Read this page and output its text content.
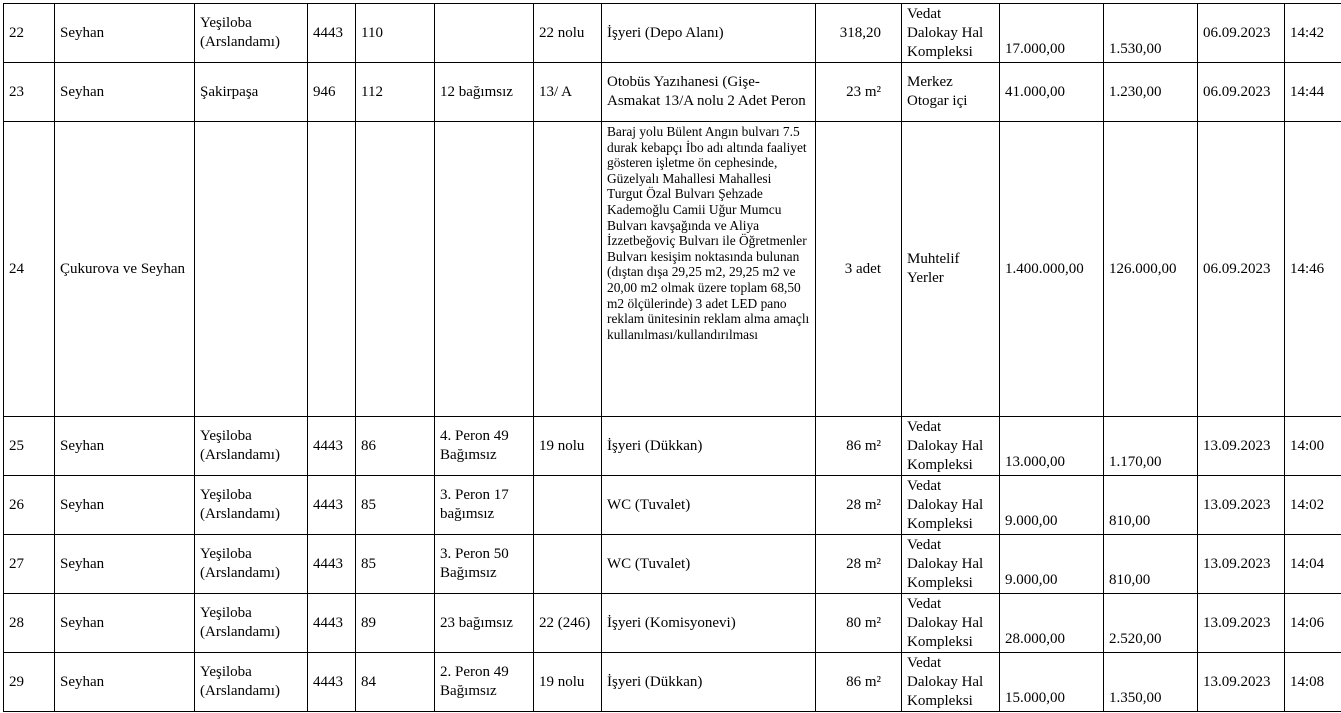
22	Seyhan	Yeşiloba (Arslandamı)	4443	110		22 nolu	İşyeri (Depo Alanı)	318,20	Vedat Dalokay Hal Kompleksi	17.000,00	1.530,00	06.09.2023	14:42
23	Seyhan	Şakirpaşa	946	112	12 bağımsız	13/ A	Otobüs Yazıhanesi (Gişe-Asmakat 13/A nolu 2 Adet Peron	23 m²	Merkez Otogar içi	41.000,00	1.230,00	06.09.2023	14:44
24	Çukurova ve Seyhan						Baraj yolu Bülent Angın bulvarı 7.5 durak kebapçı İbo adı altında faaliyet gösteren işletme ön cephesinde, Güzelyalı Mahallesi Mahallesi Turgut Özal Bulvarı Şehzade Kademoğlu Camii Uğur Mumcu Bulvarı kavşağında ve Aliya İzzetbeğoviç Bulvarı ile Öğretmenler Bulvarı kesişim noktasında bulunan (dıştan dışa 29,25 m2, 29,25 m2 ve 20,00 m2 olmak üzere toplam 68,50 m2 ölçülerinde) 3 adet LED pano reklam ünitesinin reklam alma amaçlı kullanılması/kullandırılması	3 adet	Muhtelif Yerler	1.400.000,00	126.000,00	06.09.2023	14:46
25	Seyhan	Yeşiloba (Arslandamı)	4443	86	4. Peron 49 Bağımsız	19 nolu	İşyeri (Dükkan)	86 m²	Vedat Dalokay Hal Kompleksi	13.000,00	1.170,00	13.09.2023	14:00
26	Seyhan	Yeşiloba (Arslandamı)	4443	85	3. Peron 17 bağımsız		WC (Tuvalet)	28 m²	Vedat Dalokay Hal Kompleksi	9.000,00	810,00	13.09.2023	14:02
27	Seyhan	Yeşiloba (Arslandamı)	4443	85	3. Peron 50 Bağımsız		WC (Tuvalet)	28 m²	Vedat Dalokay Hal Kompleksi	9.000,00	810,00	13.09.2023	14:04
28	Seyhan	Yeşiloba (Arslandamı)	4443	89	23 bağımsız	22 (246)	İşyeri (Komisyonevi)	80 m²	Vedat Dalokay Hal Kompleksi	28.000,00	2.520,00	13.09.2023	14:06
29	Seyhan	Yeşiloba (Arslandamı)	4443	84	2. Peron 49 Bağımsız	19 nolu	İşyeri (Dükkan)	86 m²	Vedat Dalokay Hal Kompleksi	15.000,00	1.350,00	13.09.2023	14:08
